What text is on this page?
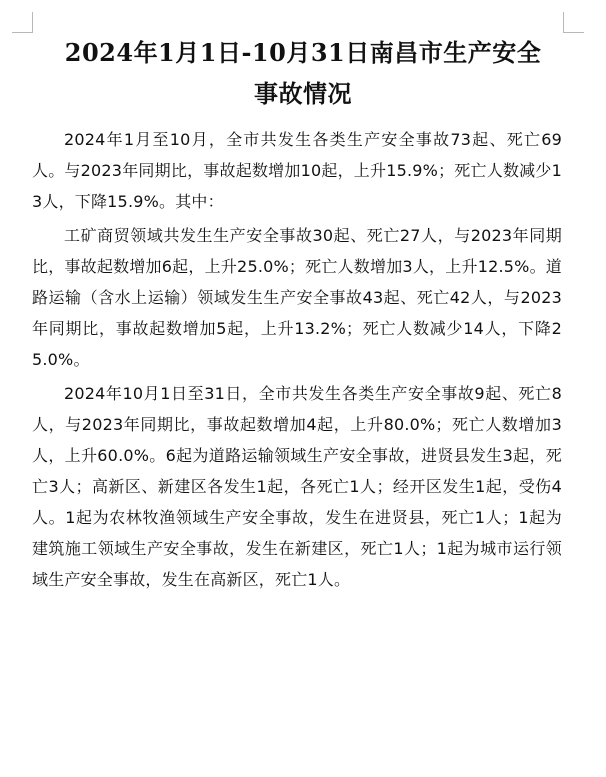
2024年1月1日-10月31日南昌市生产安全
事故情况

2024年1月至10月，全市共发生各类生产安全事故73起、死亡69人。与2023年同期比，事故起数增加10起，上升15.9%；死亡人数减少13人，下降15.9%。其中：

工矿商贸领域共发生生产安全事故30起、死亡27人，与2023年同期比，事故起数增加6起，上升25.0%；死亡人数增加3人，上升12.5%。道路运输（含水上运输）领域发生生产安全事故43起、死亡42人，与2023年同期比，事故起数增加5起，上升13.2%；死亡人数减少14人，下降25.0%。

2024年10月1日至31日，全市共发生各类生产安全事故9起、死亡8人，与2023年同期比，事故起数增加4起，上升80.0%；死亡人数增加3人，上升60.0%。6起为道路运输领域生产安全事故，进贤县发生3起，死亡3人；高新区、新建区各发生1起，各死亡1人；经开区发生1起，受伤4人。1起为农林牧渔领域生产安全事故，发生在进贤县，死亡1人；1起为建筑施工领域生产安全事故，发生在新建区，死亡1人；1起为城市运行领域生产安全事故，发生在高新区，死亡1人。
